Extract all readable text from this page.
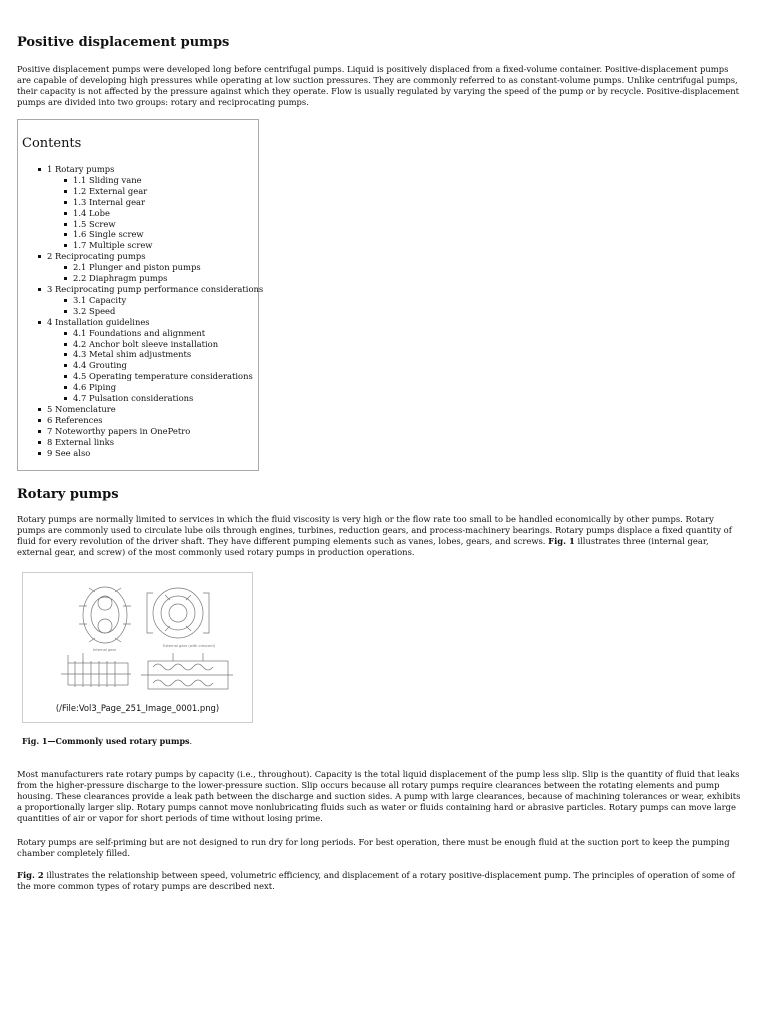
Positive displacement pumps

Positive displacement pumps were developed long before centrifugal pumps. Liquid is positively displaced from a fixed-volume container. Positive-displacement pumps are capable of developing high pressures while operating at low suction pressures. They are commonly referred to as constant-volume pumps. Unlike centrifugal pumps, their capacity is not affected by the pressure against which they operate. Flow is usually regulated by varying the speed of the pump or by recycle. Positive-displacement pumps are divided into two groups: rotary and reciprocating pumps.

Contents
1 Rotary pumps
1.1 Sliding vane
1.2 External gear
1.3 Internal gear
1.4 Lobe
1.5 Screw
1.6 Single screw
1.7 Multiple screw
2 Reciprocating pumps
2.1 Plunger and piston pumps
2.2 Diaphragm pumps
3 Reciprocating pump performance considerations
3.1 Capacity
3.2 Speed
4 Installation guidelines
4.1 Foundations and alignment
4.2 Anchor bolt sleeve installation
4.3 Metal shim adjustments
4.4 Grouting
4.5 Operating temperature considerations
4.6 Piping
4.7 Pulsation considerations
5 Nomenclature
6 References
7 Noteworthy papers in OnePetro
8 External links
9 See also
Rotary pumps

Rotary pumps are normally limited to services in which the fluid viscosity is very high or the flow rate too small to be handled economically by other pumps. Rotary pumps are commonly used to circulate lube oils through engines, turbines, reduction gears, and process-machinery bearings. Rotary pumps displace a fixed quantity of fluid for every revolution of the driver shaft. They have different pumping elements such as vanes, lobes, gears, and screws. Fig. 1 illustrates three (internal gear, external gear, and screw) of the most commonly used rotary pumps in production operations.

Internal gear
External gear (with crescent)
(/File:Vol3_Page_251_Image_0001.png)
Fig. 1—Commonly used rotary pumps.

Most manufacturers rate rotary pumps by capacity (i.e., throughout). Capacity is the total liquid displacement of the pump less slip. Slip is the quantity of fluid that leaks from the higher-pressure discharge to the lower-pressure suction. Slip occurs because all rotary pumps require clearances between the rotating elements and pump housing. These clearances provide a leak path between the discharge and suction sides. A pump with large clearances, because of machining tolerances or wear, exhibits a proportionally larger slip. Rotary pumps cannot move nonlubricating fluids such as water or fluids containing hard or abrasive particles. Rotary pumps can move large quantities of air or vapor for short periods of time without losing prime.

Rotary pumps are self-priming but are not designed to run dry for long periods. For best operation, there must be enough fluid at the suction port to keep the pumping chamber completely filled.

Fig. 2 illustrates the relationship between speed, volumetric efficiency, and displacement of a rotary positive-displacement pump. The principles of operation of some of the more common types of rotary pumps are described next.
